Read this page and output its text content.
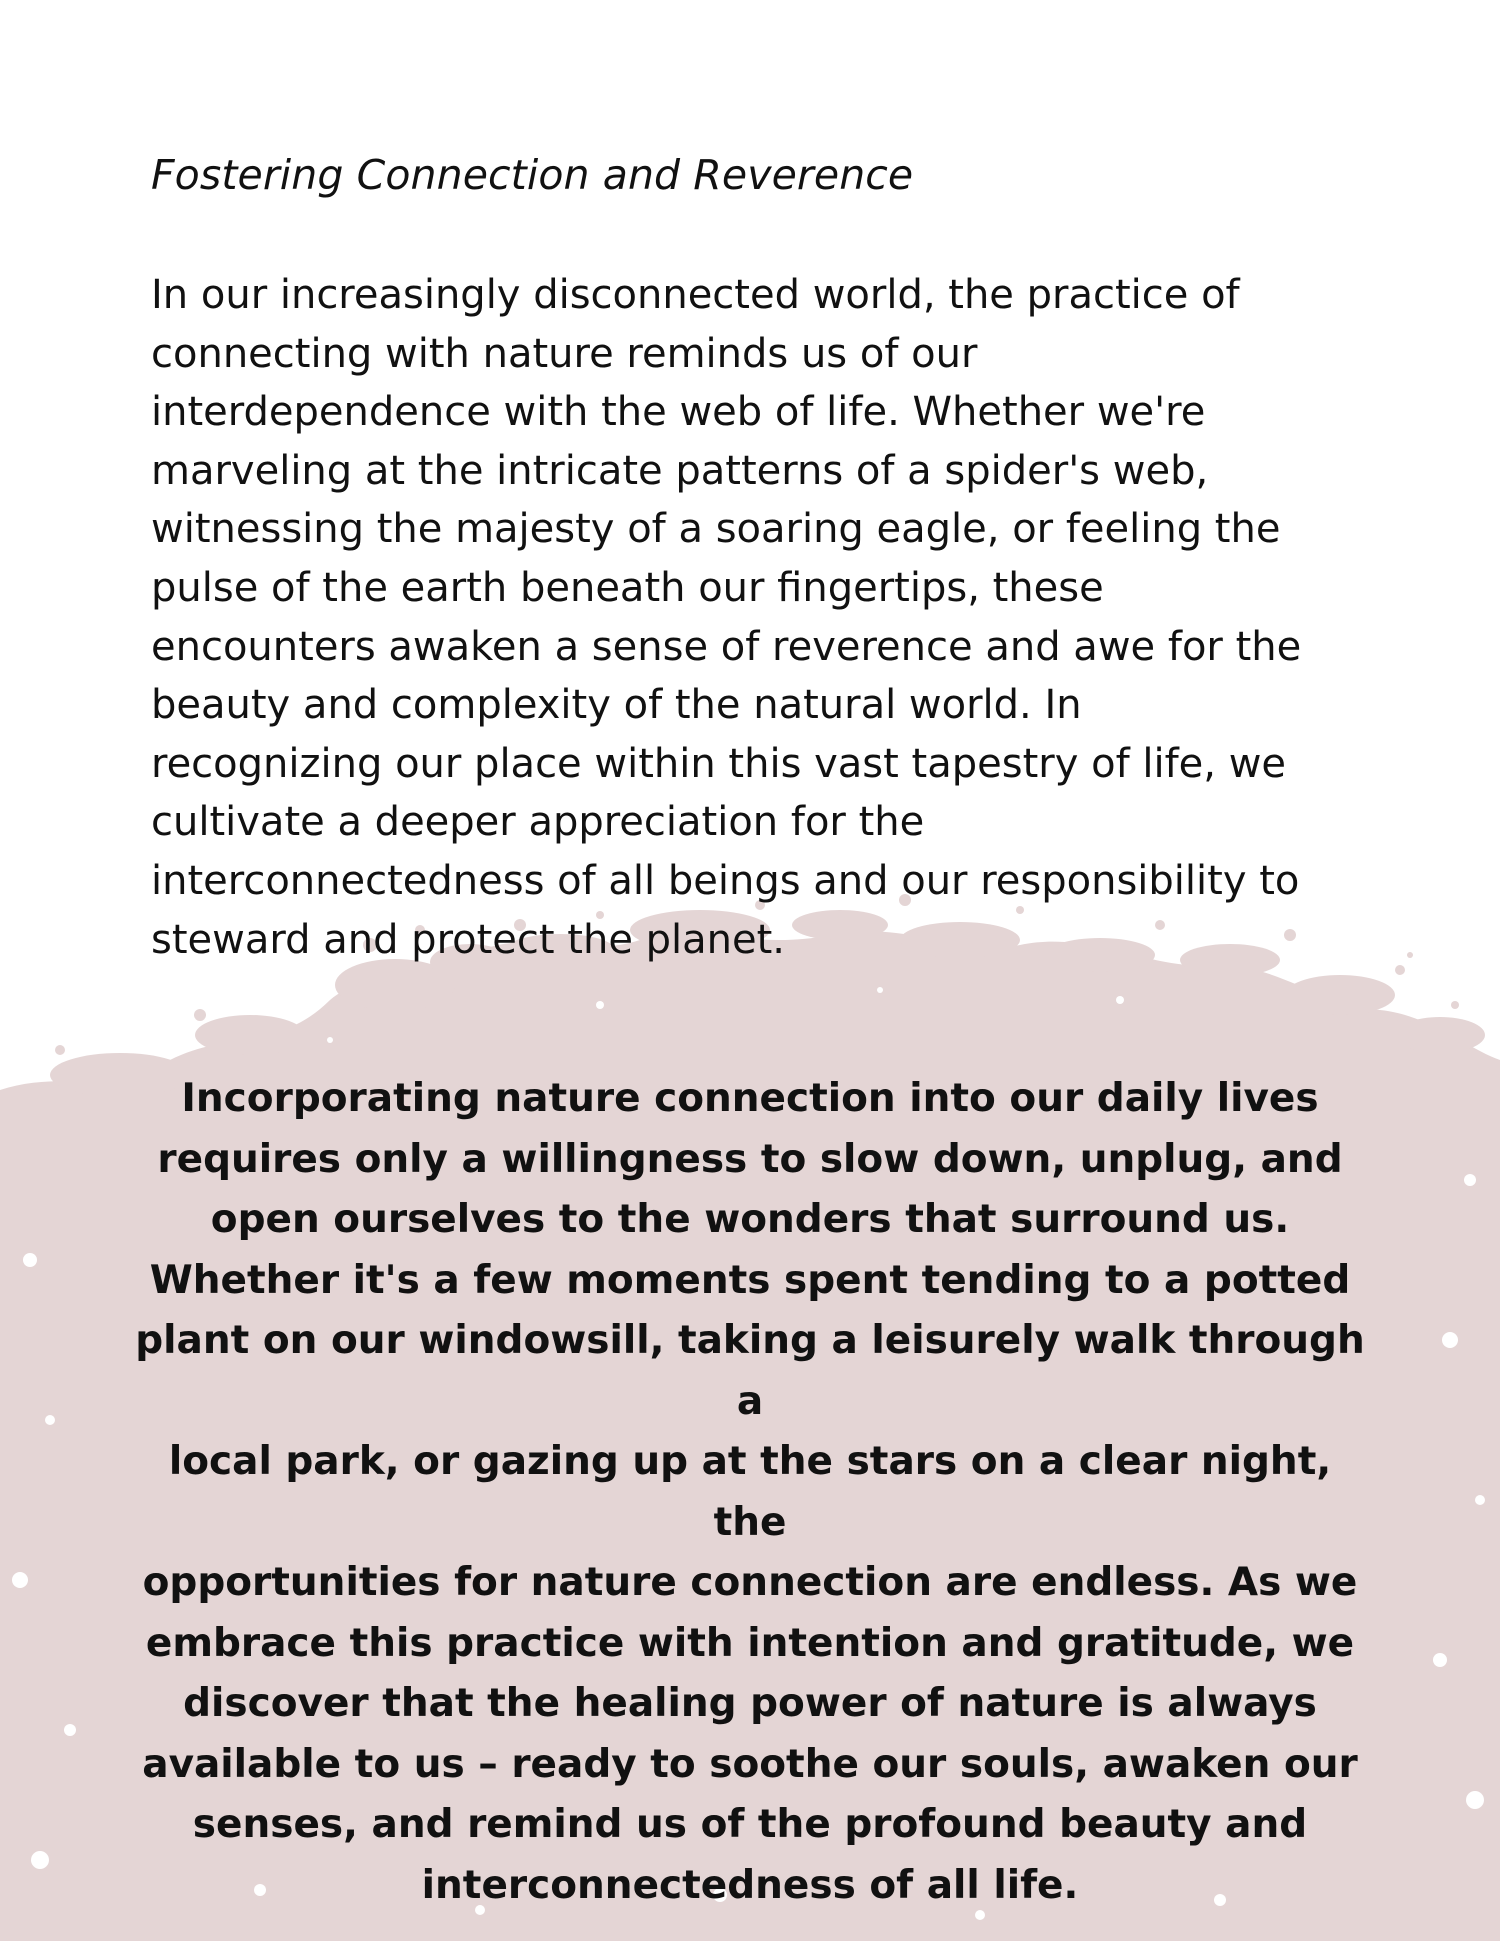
Fostering Connection and Reverence

In our increasingly disconnected world, the practice of
connecting with nature reminds us of our
interdependence with the web of life. Whether we're
marveling at the intricate patterns of a spider's web,
witnessing the majesty of a soaring eagle, or feeling the
pulse of the earth beneath our fingertips, these
encounters awaken a sense of reverence and awe for the
beauty and complexity of the natural world. In
recognizing our place within this vast tapestry of life, we
cultivate a deeper appreciation for the
interconnectedness of all beings and our responsibility to
steward and protect the planet.

Incorporating nature connection into our daily lives
requires only a willingness to slow down, unplug, and
open ourselves to the wonders that surround us.
Whether it's a few moments spent tending to a potted
plant on our windowsill, taking a leisurely walk through a
local park, or gazing up at the stars on a clear night, the
opportunities for nature connection are endless. As we
embrace this practice with intention and gratitude, we
discover that the healing power of nature is always
available to us – ready to soothe our souls, awaken our
senses, and remind us of the profound beauty and
interconnectedness of all life.
